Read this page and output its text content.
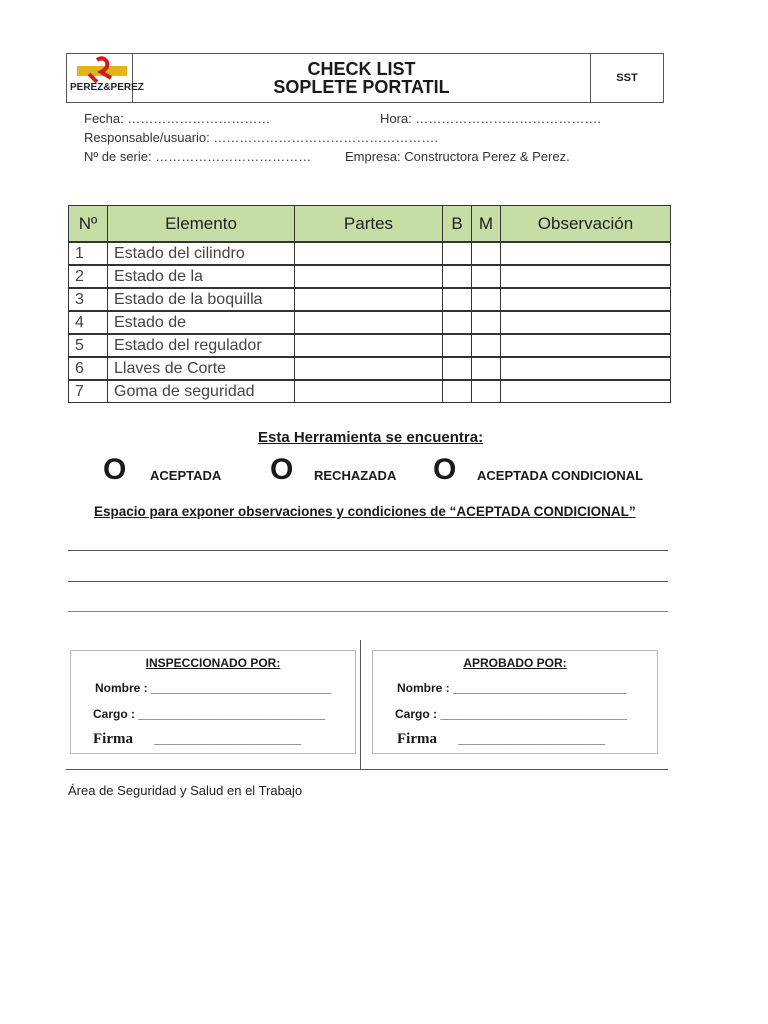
PEREZ&PEREZ
CHECK LIST
SOPLETE PORTATIL	SST
Fecha: ……………………………	Hora: …………………………………….
Responsable/usuario: …………………………………………….
Nº de serie: ………………………………	Empresa: Constructora Perez & Perez.
Nº	Elemento	Partes	B	M	Observación
1	Estado del cilindro				
2	Estado de la				
3	Estado de la boquilla				
4	Estado de				
5	Estado del regulador				
6	Llaves de Corte				
7	Goma de seguridad				
Esta Herramienta se encuentra:
O ACEPTADA O RECHAZADA O ACEPTADA CONDICIONAL
Espacio para exponer observaciones y condiciones de “ACEPTADA CONDICIONAL”
INSPECCIONADO POR:
Nombre : ___________________________
Cargo : ____________________________
Firma ______________________
APROBADO POR:
Nombre : __________________________
Cargo : ____________________________
Firma ______________________
Área de Seguridad y Salud en el Trabajo
